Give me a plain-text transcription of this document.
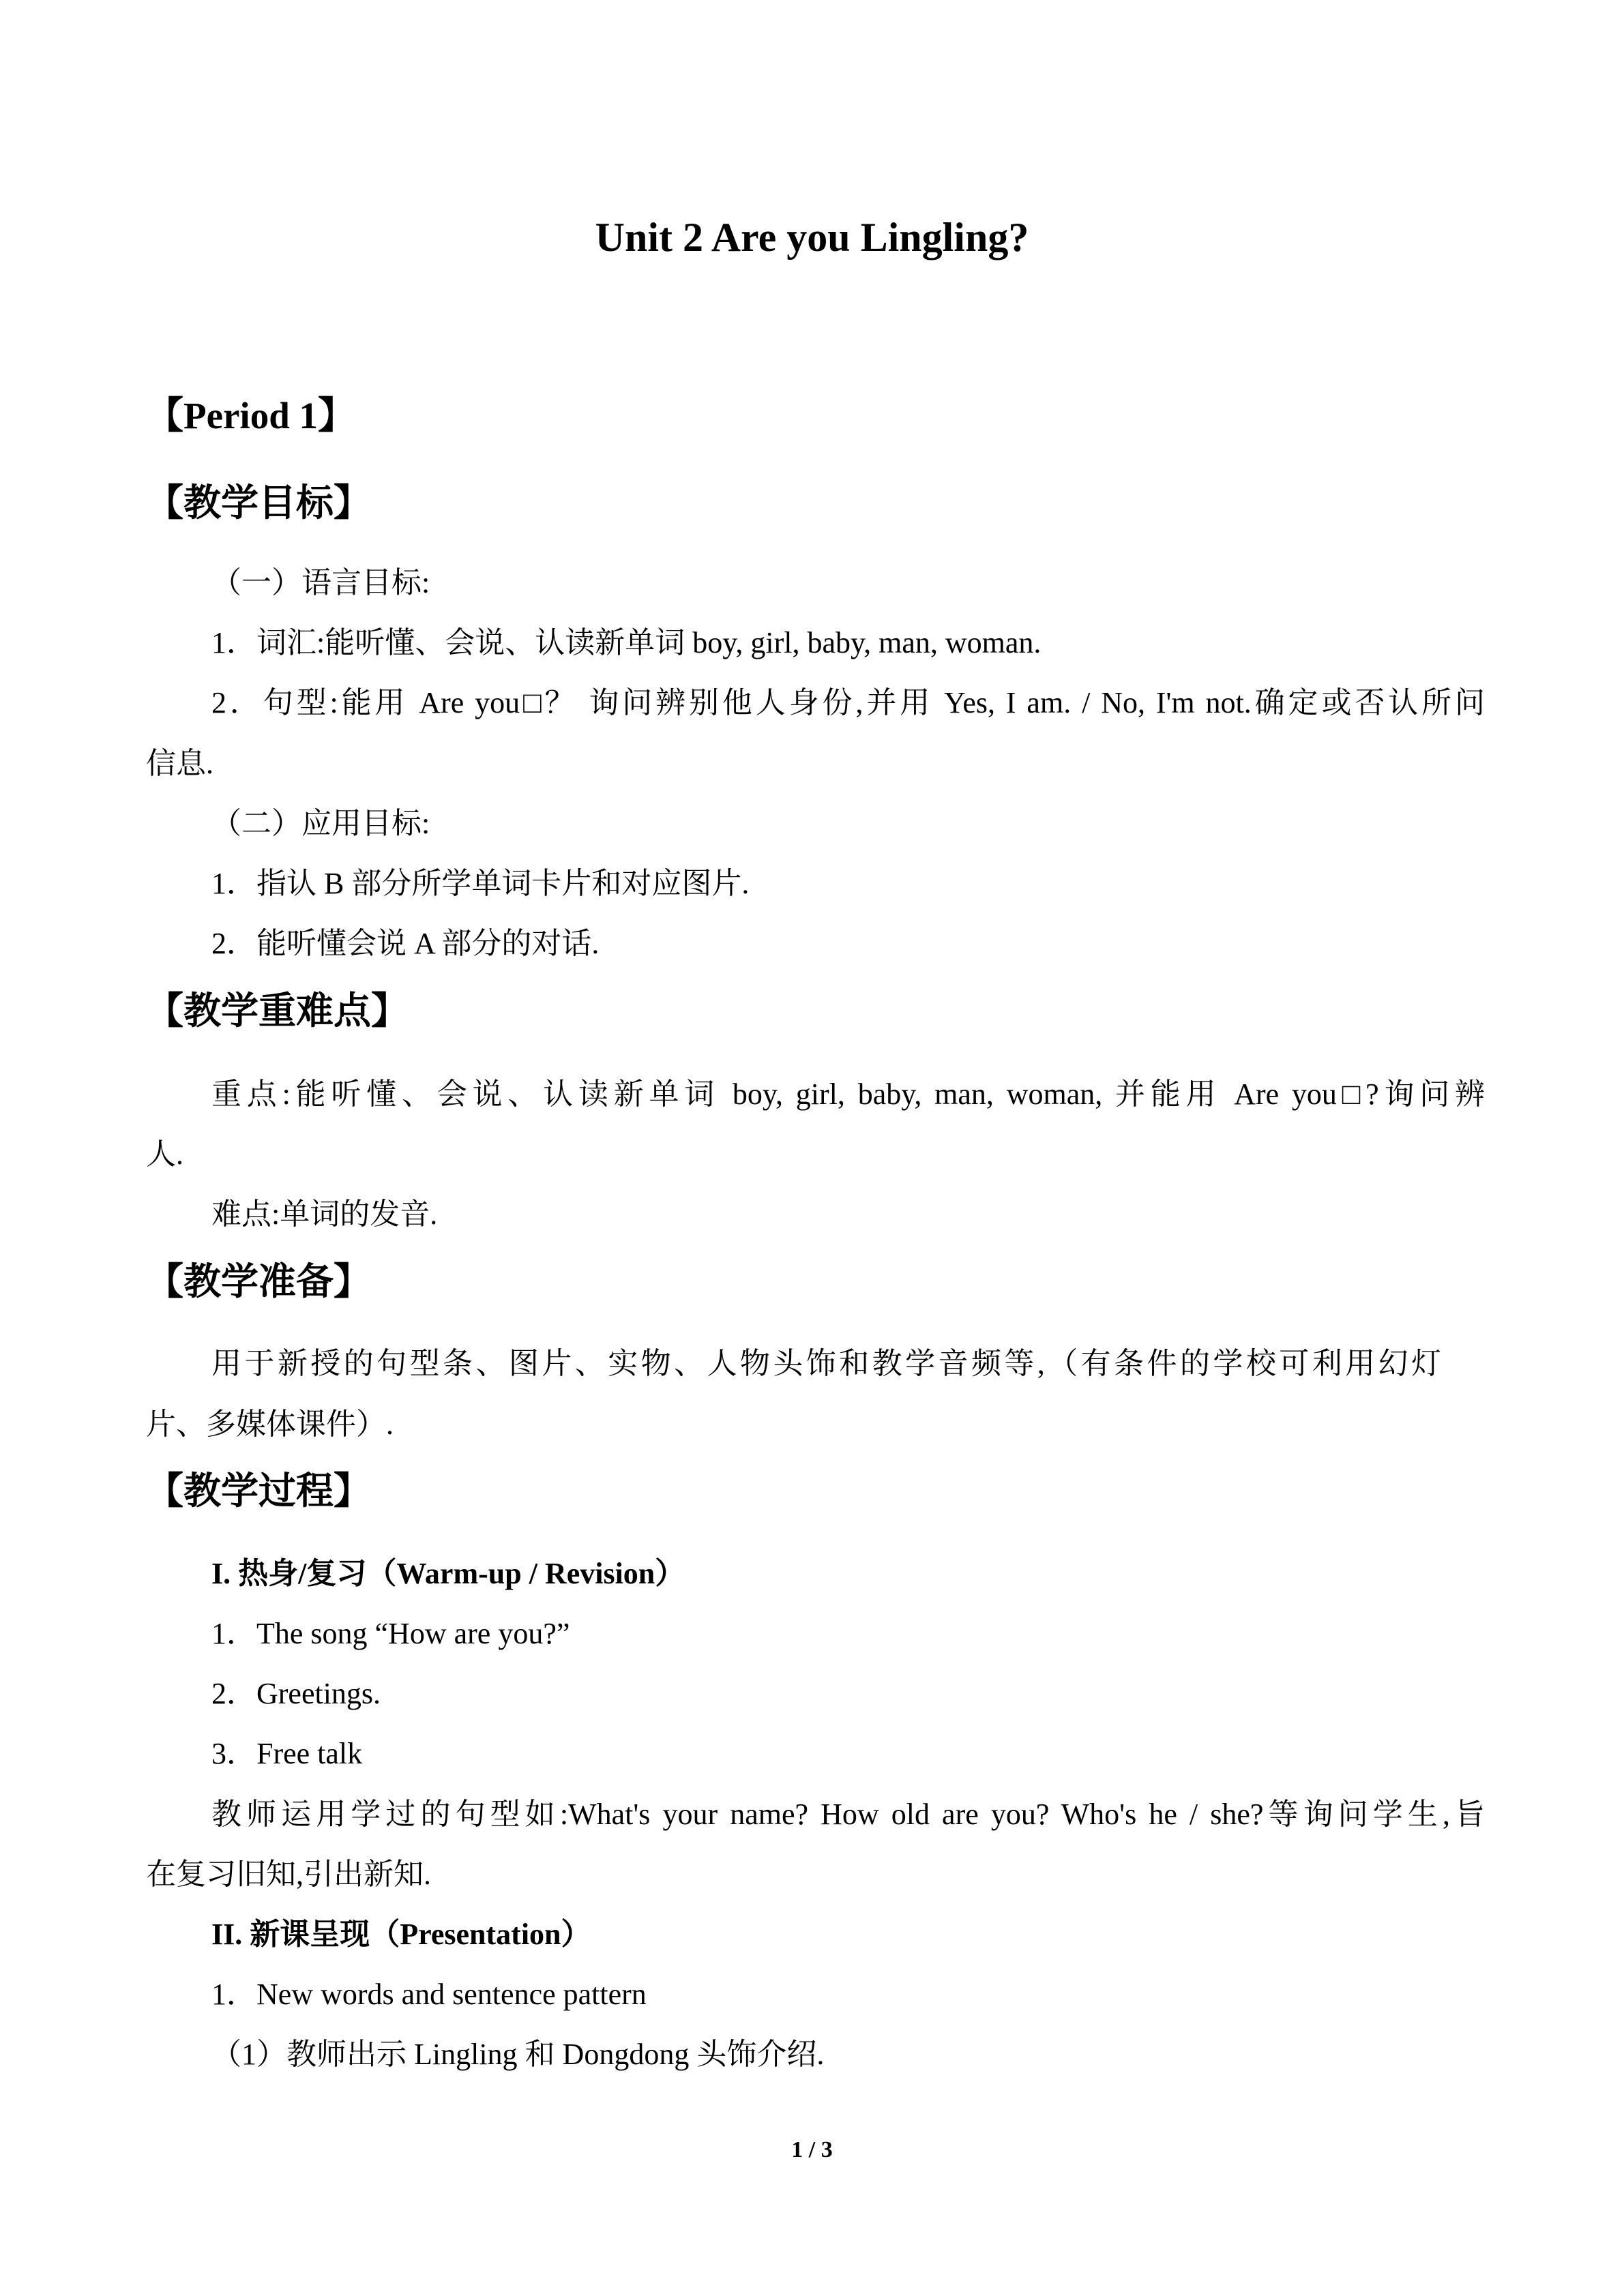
Unit 2 Are you Lingling?
【Period 1】
【教学目标】
（一）语言目标:
1．词汇:能听懂、会说、认读新单词 boy, girl, baby, man, woman.
2．句型:能用 Are you□？ 询问辨别他人身份,并用 Yes, I am. / No, I'm not.确定或否认所问
信息.
（二）应用目标:
1．指认 B 部分所学单词卡片和对应图片.
2．能听懂会说 A 部分的对话.
【教学重难点】
重点:能听懂、会说、认读新单词 boy, girl, baby, man, woman, 并能用 Are you□?询问辨
人.
难点:单词的发音.
【教学准备】
用于新授的句型条、图片、实物、人物头饰和教学音频等,（有条件的学校可利用幻灯
片、多媒体课件）.
【教学过程】
I. 热身/复习（Warm-up / Revision）
1．The song “How are you?”
2．Greetings.
3．Free talk
教师运用学过的句型如:What's your name? How old are you? Who's he / she?等询问学生,旨
在复习旧知,引出新知.
II. 新课呈现（Presentation）
1．New words and sentence pattern
（1）教师出示 Lingling 和 Dongdong 头饰介绍.
1 / 3
